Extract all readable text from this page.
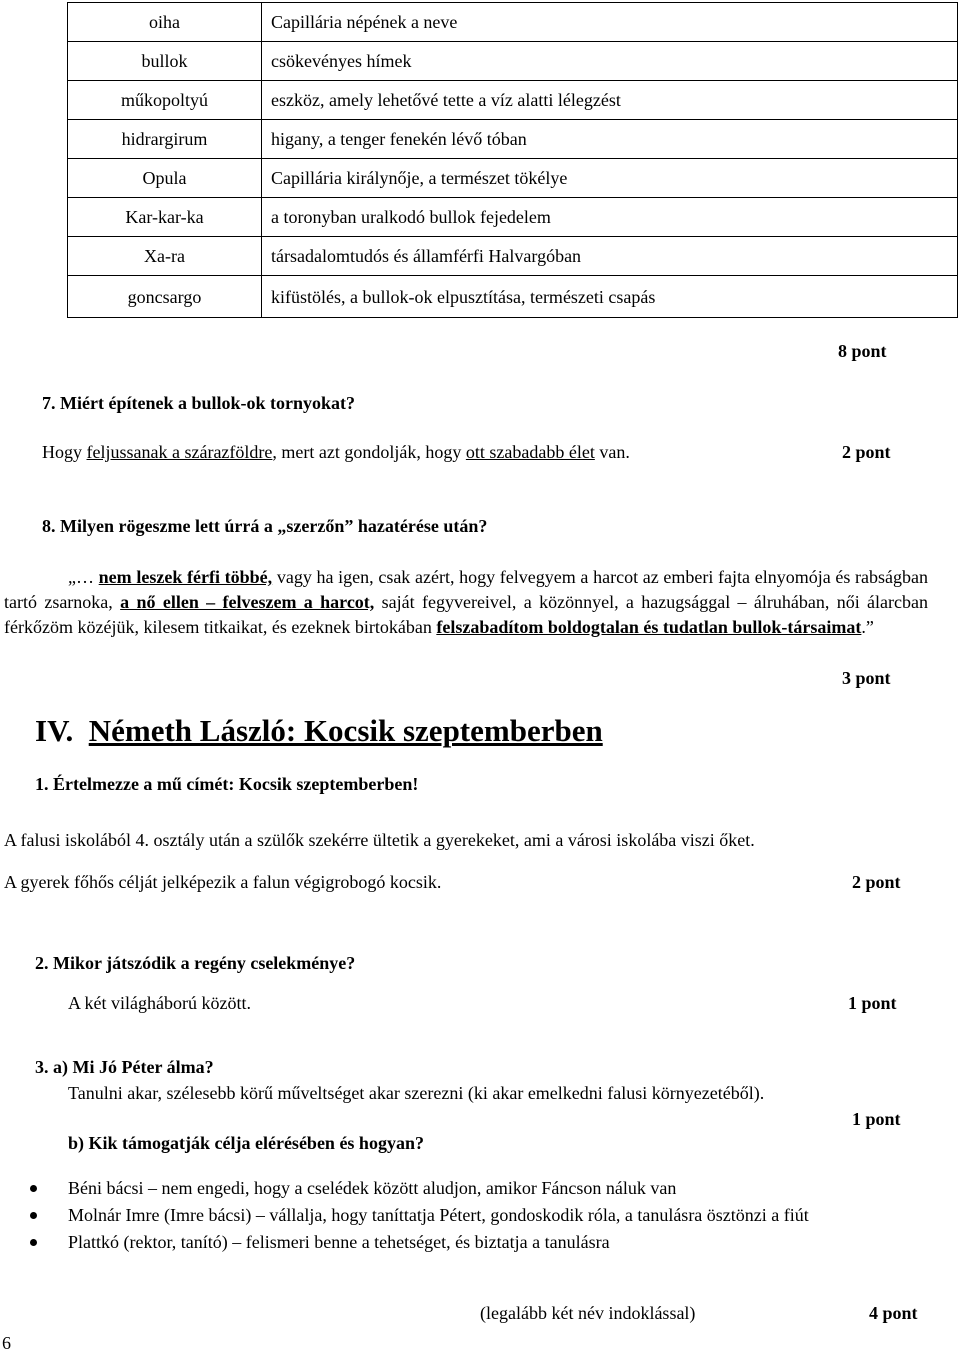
oiha	Capillária népének a neve
bullok	csökevényes hímek
műkopoltyú	eszköz, amely lehetővé tette a víz alatti lélegzést
hidrargirum	higany, a tenger fenekén lévő tóban
Opula	Capillária királynője, a természet tökélye
Kar-kar-ka	a toronyban uralkodó bullok fejedelem
Xa-ra	társadalomtudós és államférfi Halvargóban
goncsargo	kifüstölés, a bullok-ok elpusztítása, természeti csapás
8 pont
7. Miért építenek a bullok-ok tornyokat?
Hogy feljussanak a szárazföldre, mert azt gondolják, hogy ott szabadabb élet van.	2 pont
8. Milyen rögeszme lett úrrá a „szerzőn” hazatérése után?
„… nem leszek férfi többé, vagy ha igen, csak azért, hogy felvegyem a harcot az emberi fajta elnyomója és rabságban tartó zsarnoka, a nő ellen – felveszem a harcot, saját fegyvereivel, a közönnyel, a hazugsággal – álruhában, női álarcban férkőzöm közéjük, kilesem titkaikat, és ezeknek birtokában felszabadítom boldogtalan és tudatlan bullok-társaimat.”
3 pont
IV. Németh László: Kocsik szeptemberben
1. Értelmezze a mű címét: Kocsik szeptemberben!
A falusi iskolából 4. osztály után a szülők szekérre ültetik a gyerekeket, ami a városi iskolába viszi őket.
A gyerek főhős célját jelképezik a falun végigrobogó kocsik.	2 pont
2. Mikor játszódik a regény cselekménye?
A két világháború között.	1 pont
3. a) Mi Jó Péter álma?
Tanulni akar, szélesebb körű műveltséget akar szerezni (ki akar emelkedni falusi környezetéből).
1 pont
b) Kik támogatják célja elérésében és hogyan?
Béni bácsi – nem engedi, hogy a cselédek között aludjon, amikor Fáncson náluk van
Molnár Imre (Imre bácsi) – vállalja, hogy taníttatja Pétert, gondoskodik róla, a tanulásra ösztönzi a fiút
Plattkó (rektor, tanító) – felismeri benne a tehetséget, és biztatja a tanulásra
(legalább két név indoklással)	4 pont
6
